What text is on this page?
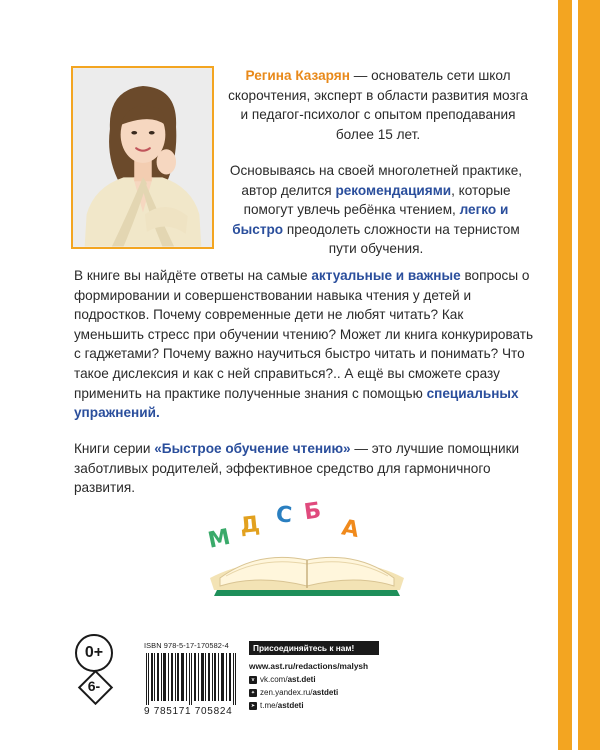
Регина Казарян — основатель сети школ скорочтения, эксперт в области развития мозга и педагог-психолог с опытом преподавания более 15 лет.
Основываясь на своей многолетней практике, автор делится рекомендациями, которые помогут увлечь ребёнка чтением, легко и быстро преодолеть сложности на тернистом пути обучения.
В книге вы найдёте ответы на самые актуальные и важные вопросы о формировании и совершенствовании навыка чтения у детей и подростков. Почему современные дети не любят читать? Как уменьшить стресс при обучении чтению? Может ли книга конкурировать с гаджетами? Почему важно научиться быстро читать и понимать? Что такое дислексия и как с ней справиться?.. А ещё вы сможете сразу применить на практике полученные знания с помощью специальных упражнений.
Книги серии «Быстрое обучение чтению» — это лучшие помощники заботливых родителей, эффективное средство для гармоничного развития.
М Д С Б
А
0+
6-
ISBN 978-5-17-170582-4
9 785171 705824
Присоединяйтесь к нам!
www.ast.ru/redactions/malysh
v vk.com/ ast.deti
✦ zen.yandex.ru/ astdeti
➤ t.me/ astdeti
